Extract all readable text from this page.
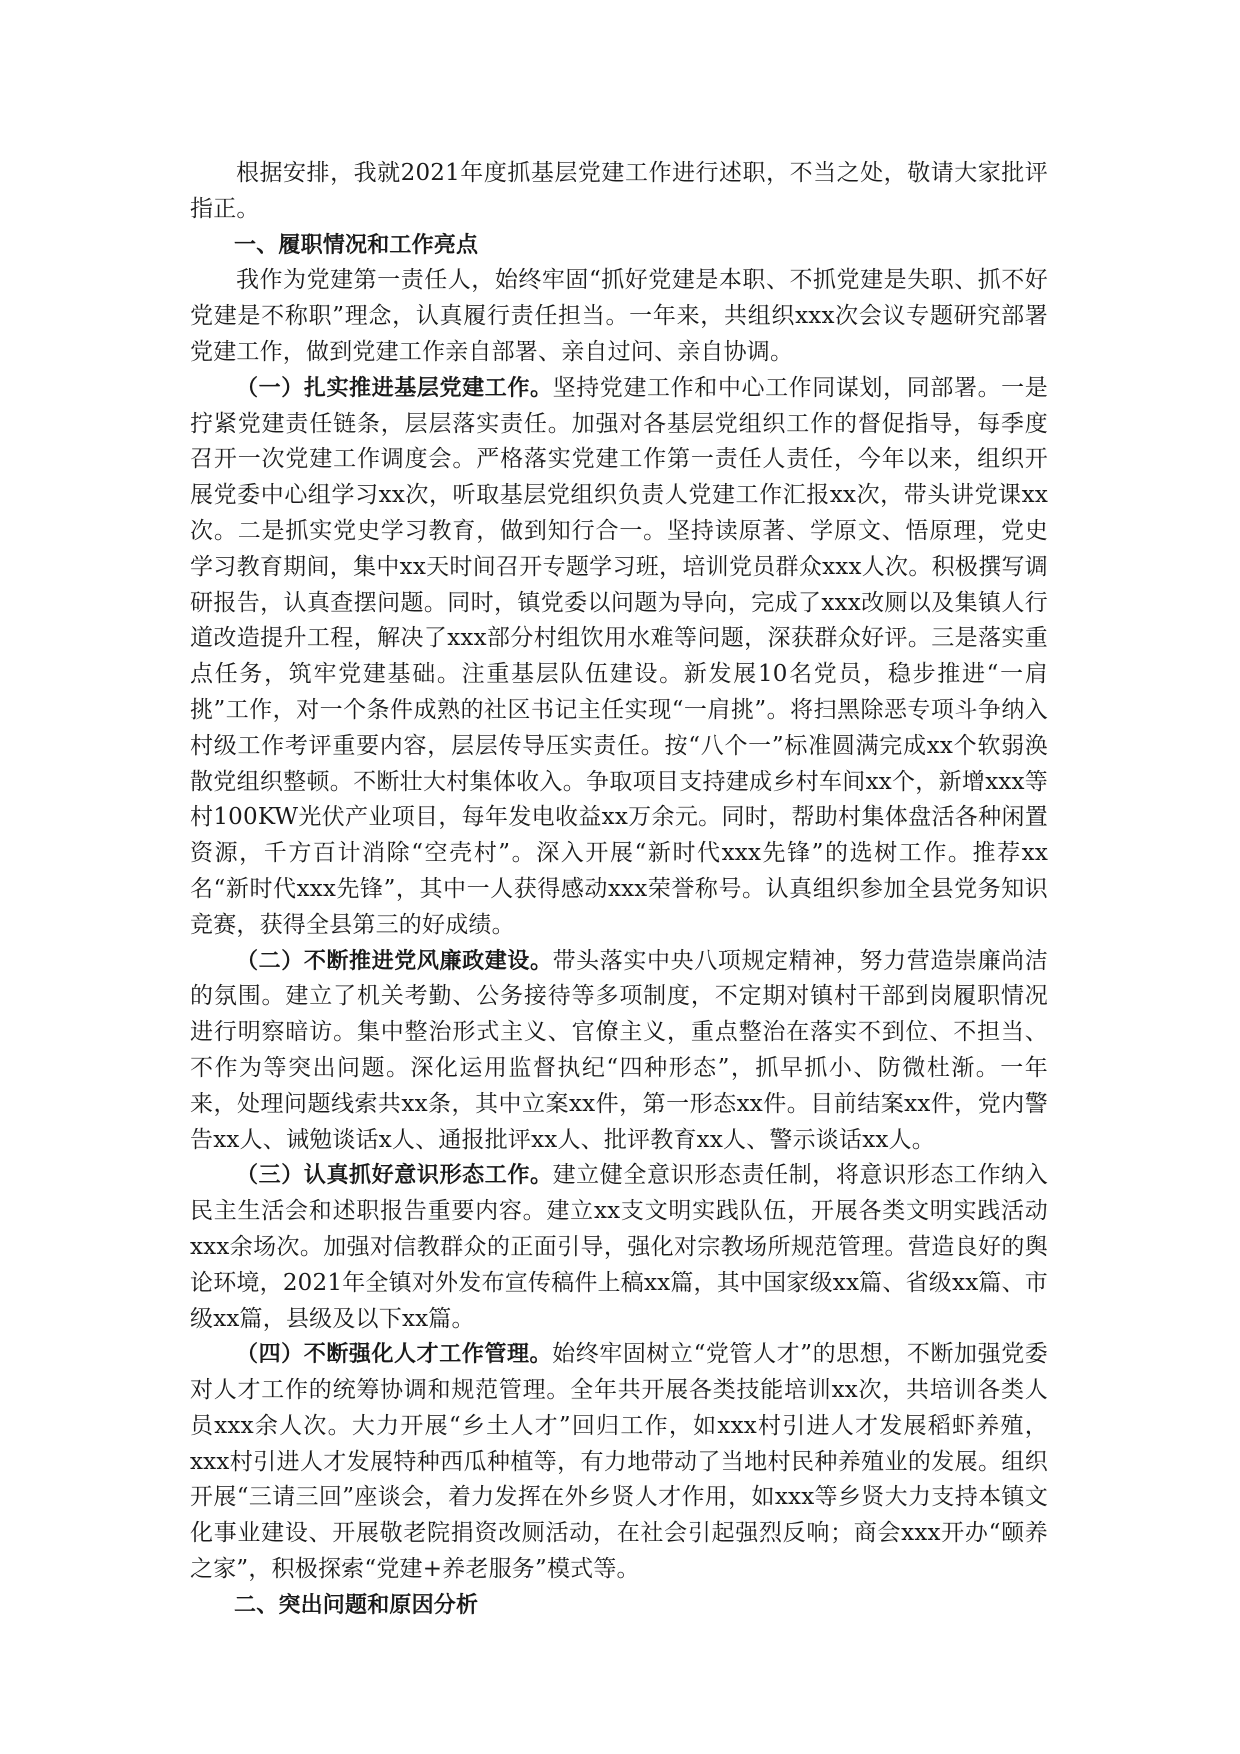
根据安排，我就2021年度抓基层党建工作进行述职，不当之处，敬请大家批评指正。

一、履职情况和工作亮点

我作为党建第一责任人，始终牢固“抓好党建是本职、不抓党建是失职、抓不好党建是不称职”理念，认真履行责任担当。一年来，共组织xxx次会议专题研究部署党建工作，做到党建工作亲自部署、亲自过问、亲自协调。

（一）扎实推进基层党建工作。坚持党建工作和中心工作同谋划，同部署。一是拧紧党建责任链条，层层落实责任。加强对各基层党组织工作的督促指导，每季度召开一次党建工作调度会。严格落实党建工作第一责任人责任，今年以来，组织开展党委中心组学习xx次，听取基层党组织负责人党建工作汇报xx次，带头讲党课xx次。二是抓实党史学习教育，做到知行合一。坚持读原著、学原文、悟原理，党史学习教育期间，集中xx天时间召开专题学习班，培训党员群众xxx人次。积极撰写调研报告，认真查摆问题。同时，镇党委以问题为导向，完成了xxx改厕以及集镇人行道改造提升工程，解决了xxx部分村组饮用水难等问题，深获群众好评。三是落实重点任务，筑牢党建基础。注重基层队伍建设。新发展10名党员，稳步推进“一肩挑”工作，对一个条件成熟的社区书记主任实现“一肩挑”。将扫黑除恶专项斗争纳入村级工作考评重要内容，层层传导压实责任。按“八个一”标准圆满完成xx个软弱涣散党组织整顿。不断壮大村集体收入。争取项目支持建成乡村车间xx个，新增xxx等村100KW光伏产业项目，每年发电收益xx万余元。同时，帮助村集体盘活各种闲置资源，千方百计消除“空壳村”。深入开展“新时代xxx先锋”的选树工作。推荐xx名“新时代xxx先锋”，其中一人获得感动xxx荣誉称号。认真组织参加全县党务知识竞赛，获得全县第三的好成绩。

（二）不断推进党风廉政建设。带头落实中央八项规定精神，努力营造崇廉尚洁的氛围。建立了机关考勤、公务接待等多项制度，不定期对镇村干部到岗履职情况进行明察暗访。集中整治形式主义、官僚主义，重点整治在落实不到位、不担当、不作为等突出问题。深化运用监督执纪“四种形态”，抓早抓小、防微杜渐。一年来，处理问题线索共xx条，其中立案xx件，第一形态xx件。目前结案xx件，党内警告xx人、诫勉谈话x人、通报批评xx人、批评教育xx人、警示谈话xx人。

（三）认真抓好意识形态工作。建立健全意识形态责任制，将意识形态工作纳入民主生活会和述职报告重要内容。建立xx支文明实践队伍，开展各类文明实践活动xxx余场次。加强对信教群众的正面引导，强化对宗教场所规范管理。营造良好的舆论环境，2021年全镇对外发布宣传稿件上稿xx篇，其中国家级xx篇、省级xx篇、市级xx篇，县级及以下xx篇。

（四）不断强化人才工作管理。始终牢固树立“党管人才”的思想，不断加强党委对人才工作的统筹协调和规范管理。全年共开展各类技能培训xx次，共培训各类人员xxx余人次。大力开展“乡土人才”回归工作，如xxx村引进人才发展稻虾养殖，xxx村引进人才发展特种西瓜种植等，有力地带动了当地村民种养殖业的发展。组织开展“三请三回”座谈会，着力发挥在外乡贤人才作用，如xxx等乡贤大力支持本镇文化事业建设、开展敬老院捐资改厕活动，在社会引起强烈反响；商会xxx开办“颐养之家”，积极探索“党建+养老服务”模式等。

二、突出问题和原因分析
